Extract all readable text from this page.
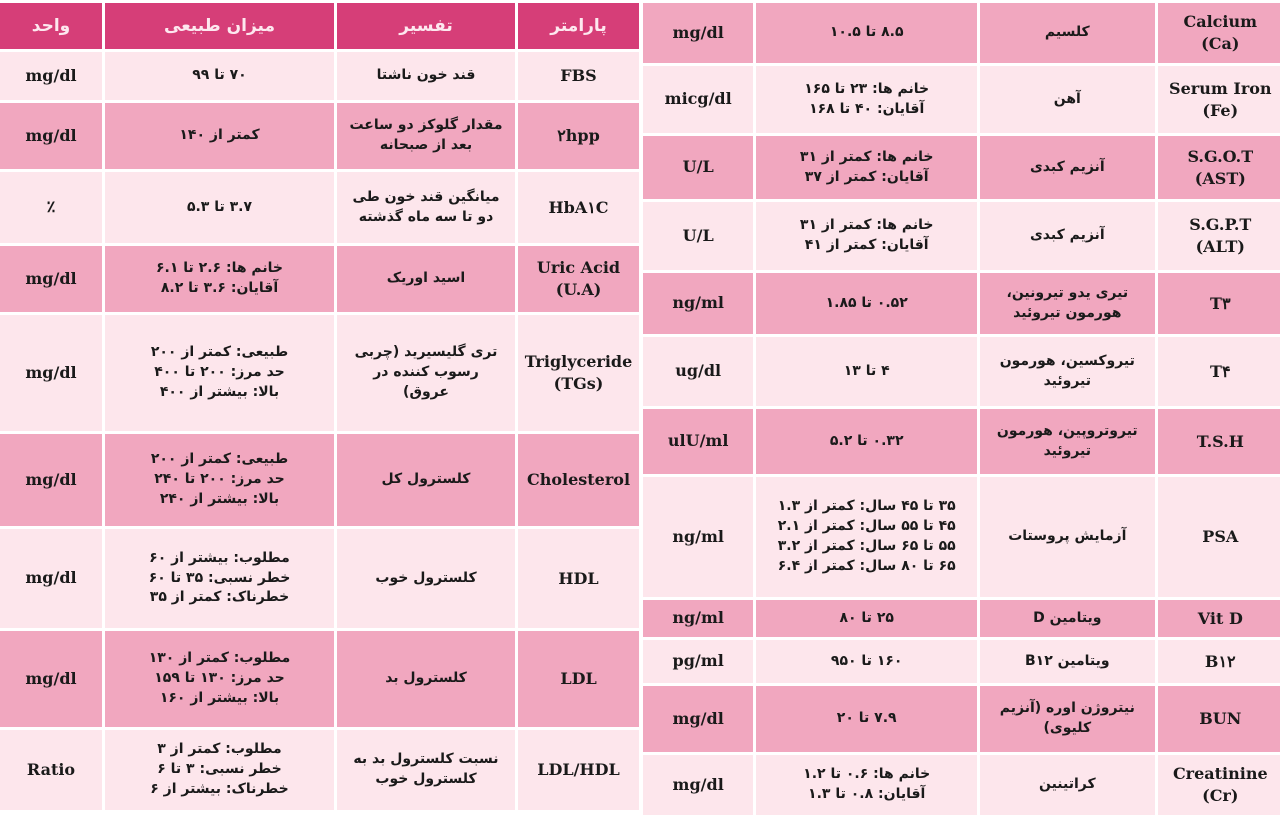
واحد	میزان طبیعی	تفسیر	پارامتر
mg/dl	۷۰ تا ۹۹	قند خون ناشتا	FBS

mg/dl	کمتر از ۱۴۰	مقدار گلوکز دو ساعت
بعد از صبحانه	۲hpp

٪	۳.۷ تا ۵.۳	میانگین قند خون طی
دو تا سه ماه گذشته	HbA۱C

mg/dl	خانم ها: ۲.۶ تا ۶.۱
آقایان: ۳.۶ تا ۸.۲	اسید اوریک	Uric Acid
(U.A)

mg/dl	طبیعی: کمتر از ۲۰۰
حد مرز: ۲۰۰ تا ۴۰۰
بالا: بیشتر از ۴۰۰	تری گلیسیرید (چربی
رسوب کننده در
عروق)	Triglyceride
(TGs)

mg/dl	طبیعی: کمتر از ۲۰۰
حد مرز: ۲۰۰ تا ۲۴۰
بالا: بیشتر از ۲۴۰	کلسترول کل	Cholesterol

mg/dl	مطلوب: بیشتر از ۶۰
خطر نسبی: ۳۵ تا ۶۰
خطرناک: کمتر از ۳۵	کلسترول خوب	HDL

mg/dl	مطلوب: کمتر از ۱۳۰
حد مرز: ۱۳۰ تا ۱۵۹
بالا: بیشتر از ۱۶۰	کلسترول بد	LDL

Ratio	مطلوب: کمتر از ۳
خطر نسبی: ۳ تا ۶
خطرناک: بیشتر از ۶	نسبت کلسترول بد به
کلسترول خوب	LDL/HDL
mg/dl	۸.۵ تا ۱۰.۵	کلسیم	Calcium
(Ca)

micg/dl	خانم ها: ۲۳ تا ۱۶۵
آقایان: ۴۰ تا ۱۶۸	آهن	Serum Iron
(Fe)

U/L	خانم ها: کمتر از ۳۱
آقایان: کمتر از ۳۷	آنزیم کبدی	S.G.O.T
(AST)

U/L	خانم ها: کمتر از ۳۱
آقایان: کمتر از ۴۱	آنزیم کبدی	S.G.P.T
(ALT)

ng/ml	۰.۵۲ تا ۱.۸۵	تیری یدو تیرونین،
هورمون تیروئید	T۳

ug/dl	۴ تا ۱۳	تیروکسین، هورمون
تیروئید	T۴

ulU/ml	۰.۳۲ تا ۵.۲	تیروتروپین، هورمون
تیروئید	T.S.H

ng/ml	۳۵ تا ۴۵ سال: کمتر از ۱.۳
۴۵ تا ۵۵ سال: کمتر از ۲.۱
۵۵ تا ۶۵ سال: کمتر از ۳.۲
۶۵ تا ۸۰ سال: کمتر از ۶.۴	آزمایش پروستات	PSA

ng/ml	۲۵ تا ۸۰	ویتامین D	Vit D

pg/ml	۱۶۰ تا ۹۵۰	ویتامین B۱۲	B۱۲

mg/dl	۷.۹ تا ۲۰	نیتروژن اوره (آنزیم
کلیوی)	BUN

mg/dl	خانم ها: ۰.۶ تا ۱.۲
آقایان: ۰.۸ تا ۱.۳	کراتینین	Creatinine
(Cr)
